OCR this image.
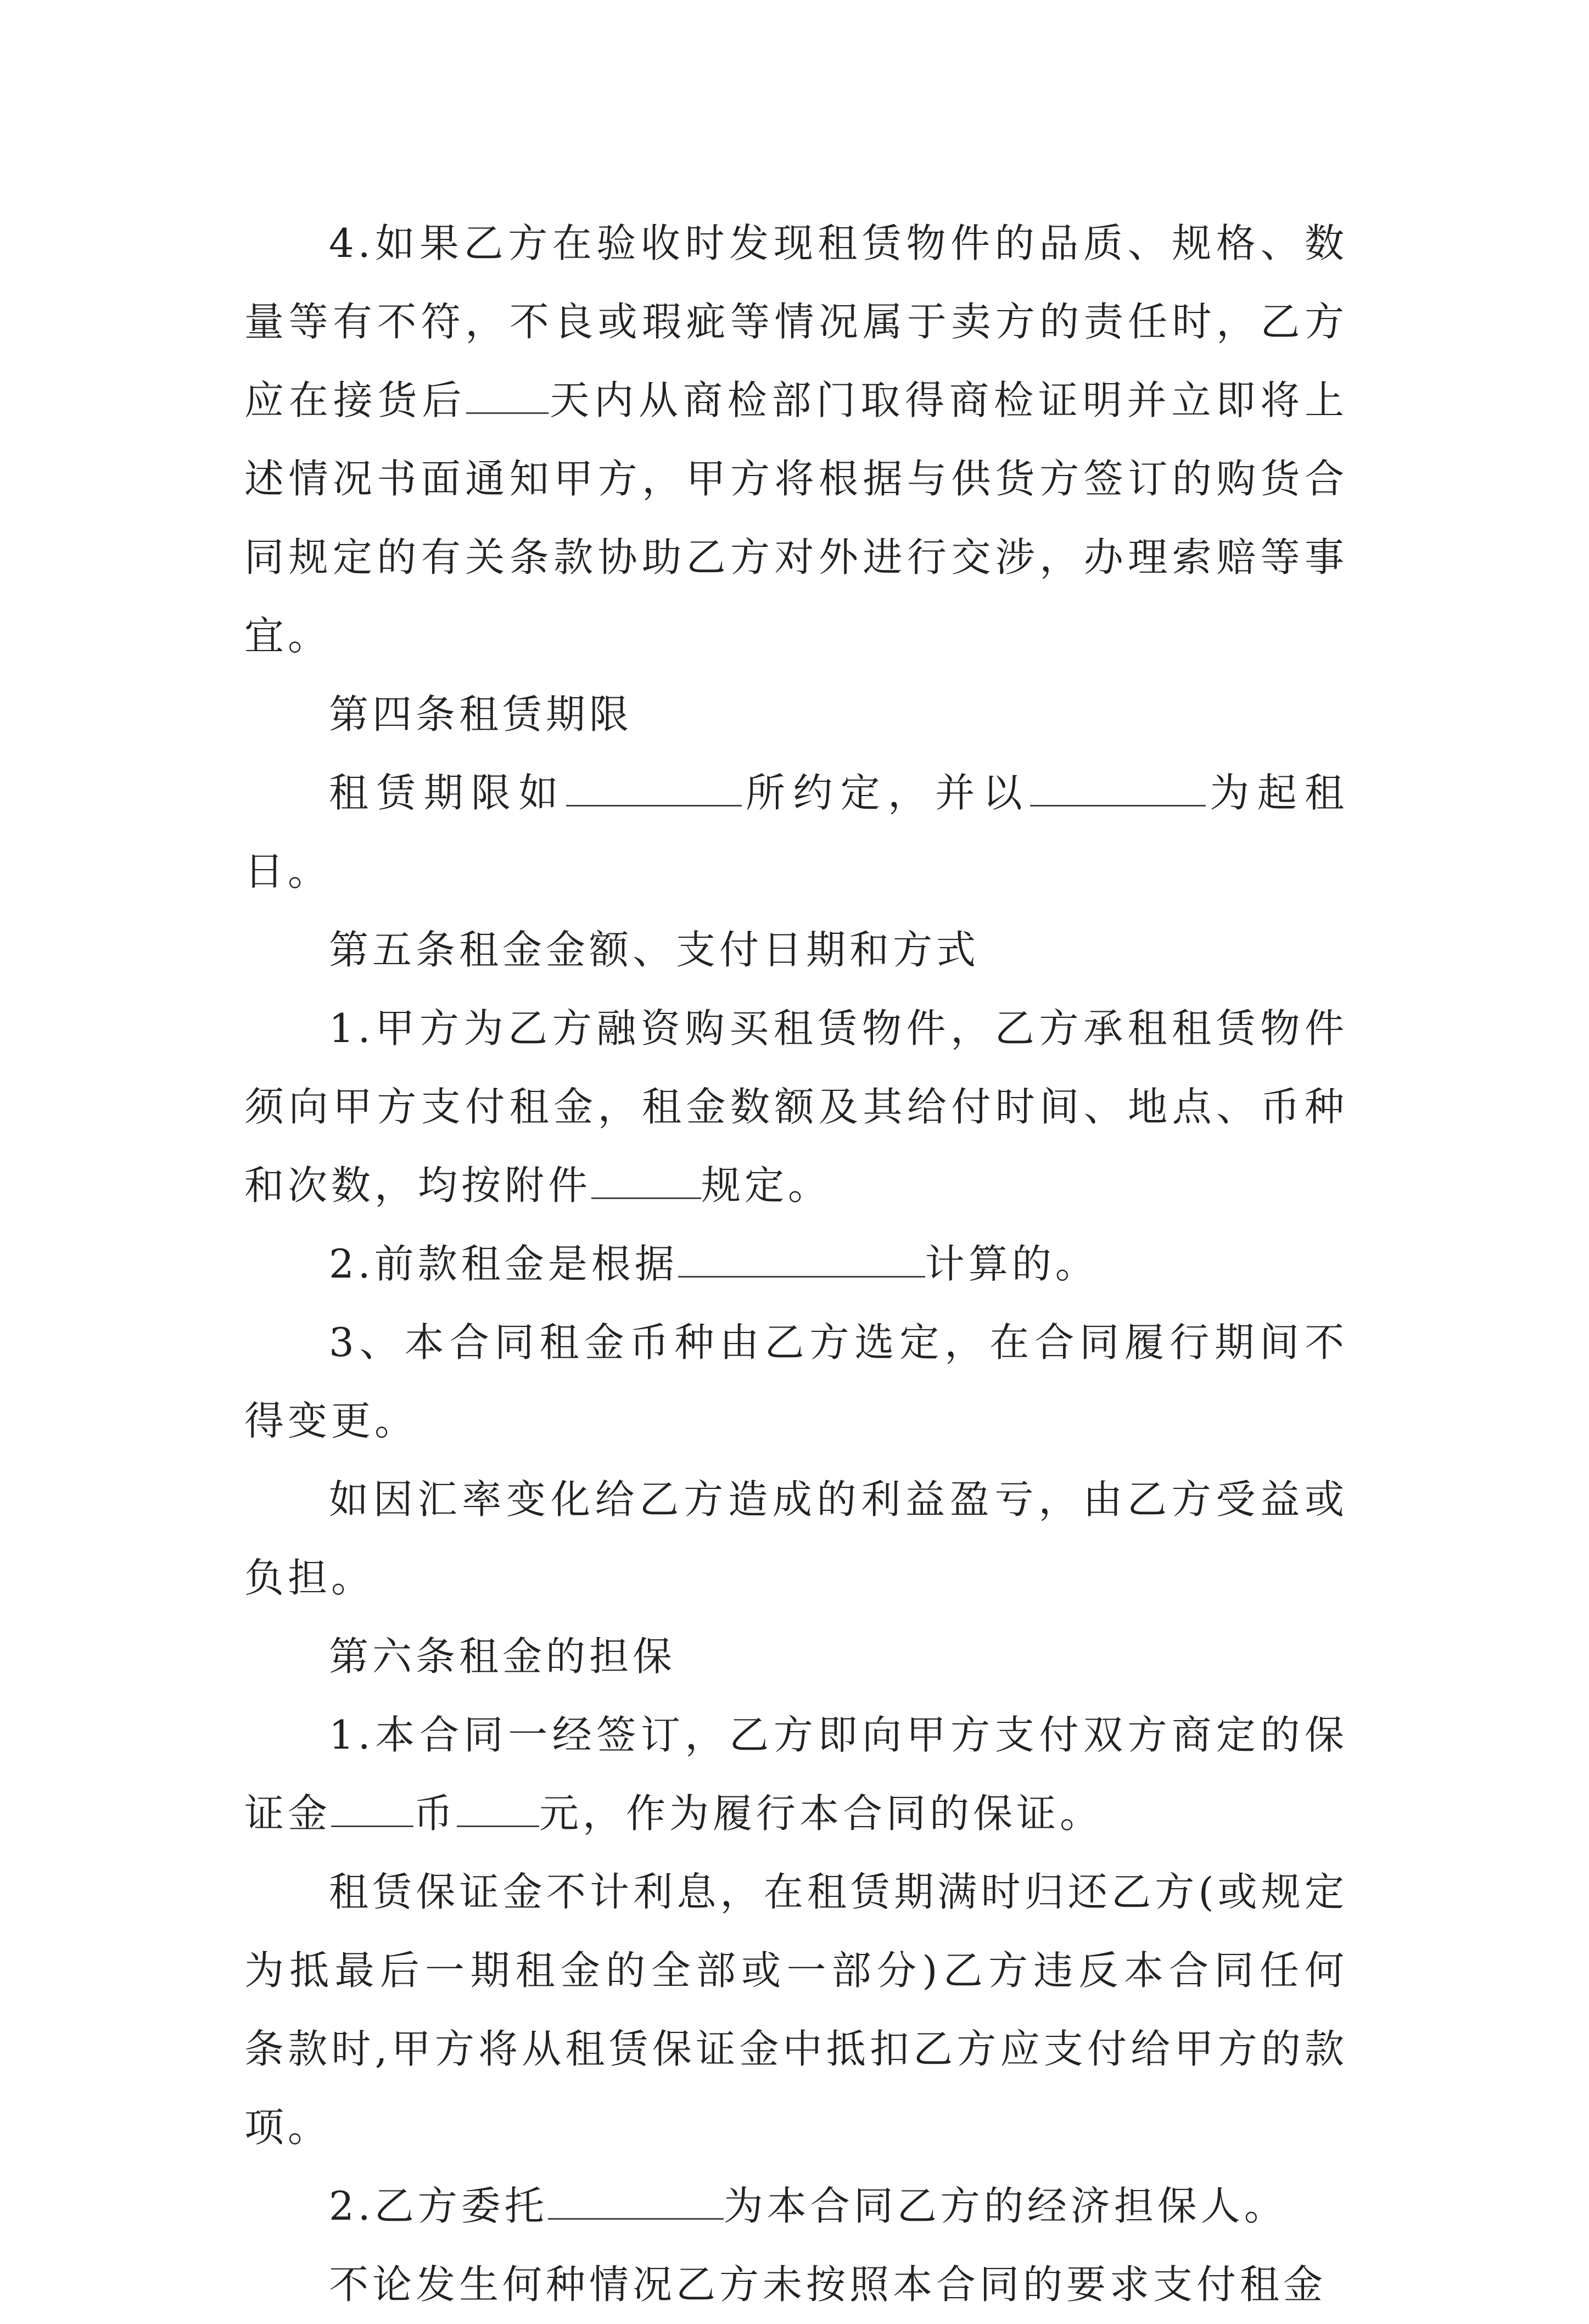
4.如果乙方在验收时发现租赁物件的品质、规格、数量等有不符，不良或瑕疵等情况属于卖方的责任时，乙方应在接货后 天内从商检部门取得商检证明并立即将上述情况书面通知甲方，甲方将根据与供货方签订的购货合同规定的有关条款协助乙方对外进行交涉，办理索赔等事宜。

第四条租赁期限

租赁期限如	所约定，并以	为起租日。

第五条租金金额、支付日期和方式

1.甲方为乙方融资购买租赁物件，乙方承租租赁物件须向甲方支付租金，租金数额及其给付时间、地点、币种和次数，均按附件	规定。

2.前款租金是根据	计算的。

3、本合同租金币种由乙方选定，在合同履行期间不得变更。

如因汇率变化给乙方造成的利益盈亏，由乙方受益或负担。

第六条租金的担保

1.本合同一经签订，乙方即向甲方支付双方商定的保证金 币 元，作为履行本合同的保证。

租赁保证金不计利息，在租赁期满时归还乙方(或规定为抵最后一期租金的全部或一部分)乙方违反本合同任何条款时,甲方将从租赁保证金中抵扣乙方应支付给甲方的款项。

2.乙方委托	为本合同乙方的经济担保人。

不论发生何种情况乙方未按照本合同的要求支付租金
